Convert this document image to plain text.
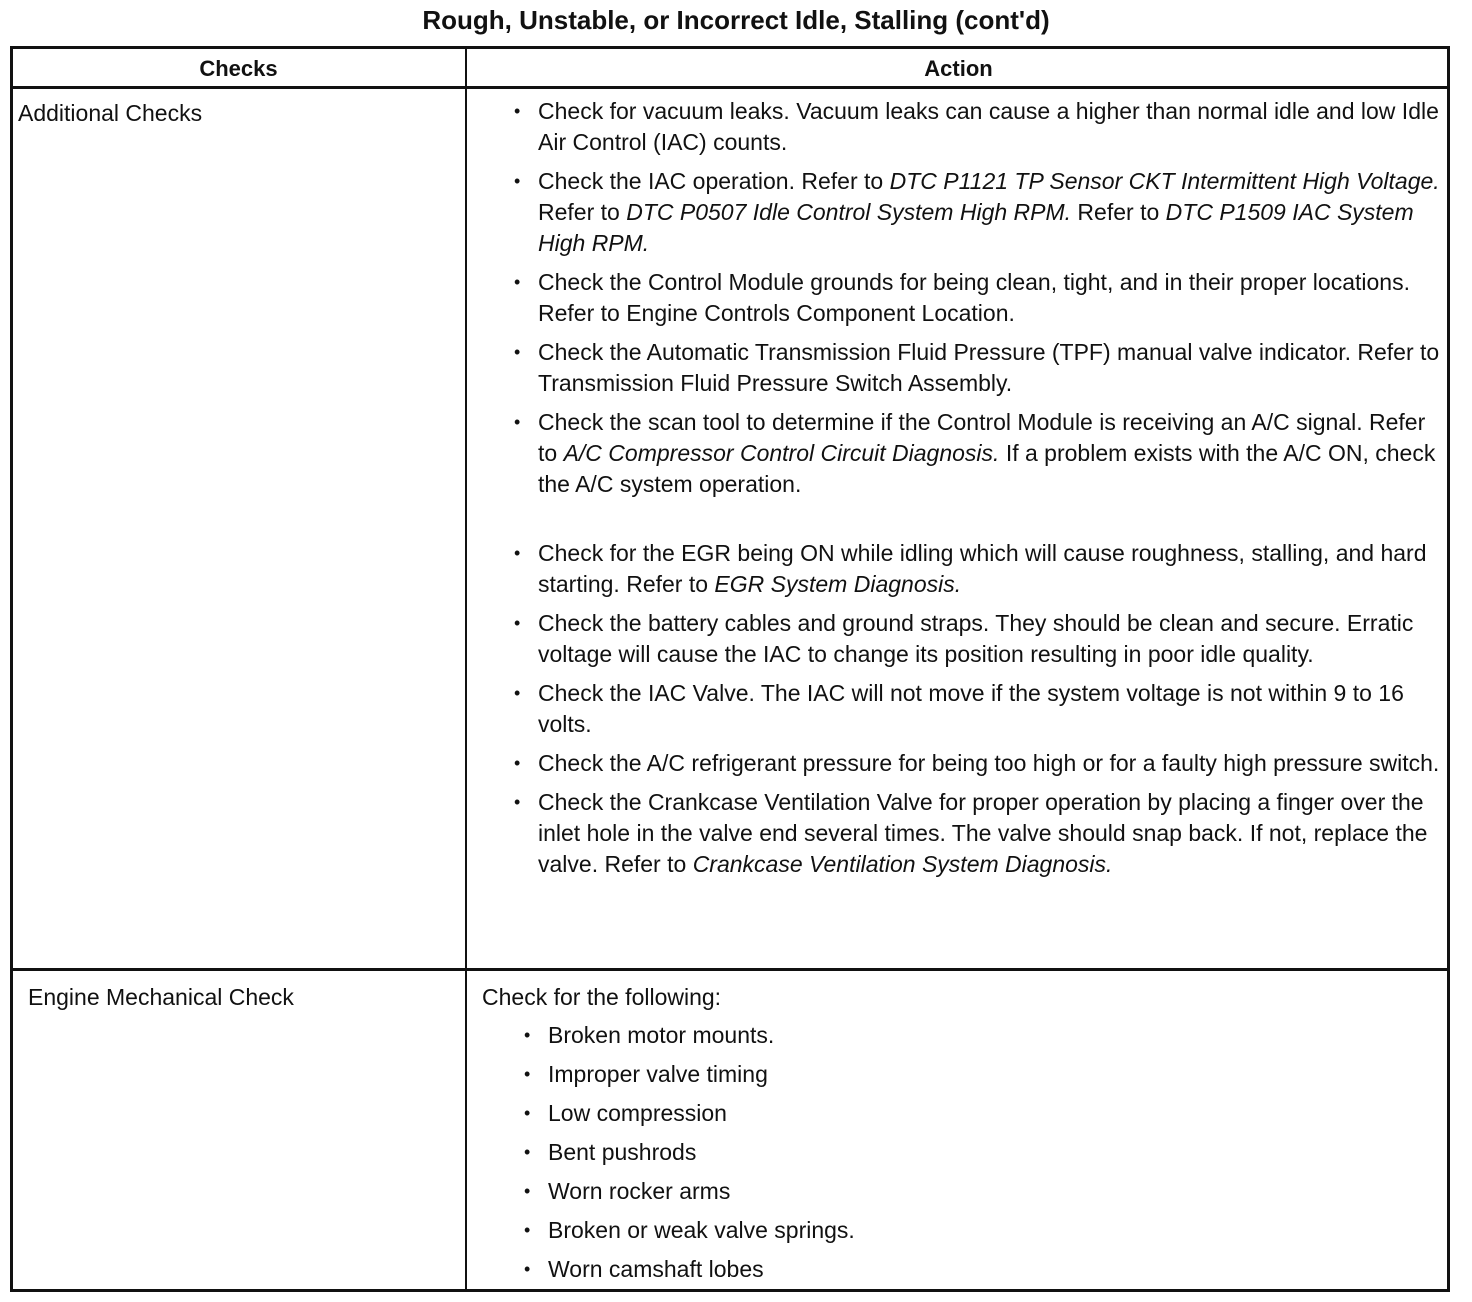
Rough, Unstable, or Incorrect Idle, Stalling (cont'd)
Checks	Action
Additional Checks	• Check for vacuum leaks. Vacuum leaks can cause a higher than normal idle and low Idle Air Control (IAC) counts.
• Check the IAC operation. Refer to DTC P1121 TP Sensor CKT Intermittent High Voltage. Refer to DTC P0507 Idle Control System High RPM. Refer to DTC P1509 IAC System High RPM.
• Check the Control Module grounds for being clean, tight, and in their proper locations. Refer to Engine Controls Component Location.
• Check the Automatic Transmission Fluid Pressure (TPF) manual valve indicator. Refer to Transmission Fluid Pressure Switch Assembly.
• Check the scan tool to determine if the Control Module is receiving an A/C signal. Refer to A/C Compressor Control Circuit Diagnosis. If a problem exists with the A/C ON, check the A/C system operation.
• Check for the EGR being ON while idling which will cause roughness, stalling, and hard starting. Refer to EGR System Diagnosis.
• Check the battery cables and ground straps. They should be clean and secure. Erratic voltage will cause the IAC to change its position resulting in poor idle quality.
• Check the IAC Valve. The IAC will not move if the system voltage is not within 9 to 16 volts.
• Check the A/C refrigerant pressure for being too high or for a faulty high pressure switch.
• Check the Crankcase Ventilation Valve for proper operation by placing a finger over the inlet hole in the valve end several times. The valve should snap back. If not, replace the valve. Refer to Crankcase Ventilation System Diagnosis.
Engine Mechanical Check	Check for the following:
• Broken motor mounts.
• Improper valve timing
• Low compression
• Bent pushrods
• Worn rocker arms
• Broken or weak valve springs.
• Worn camshaft lobes
